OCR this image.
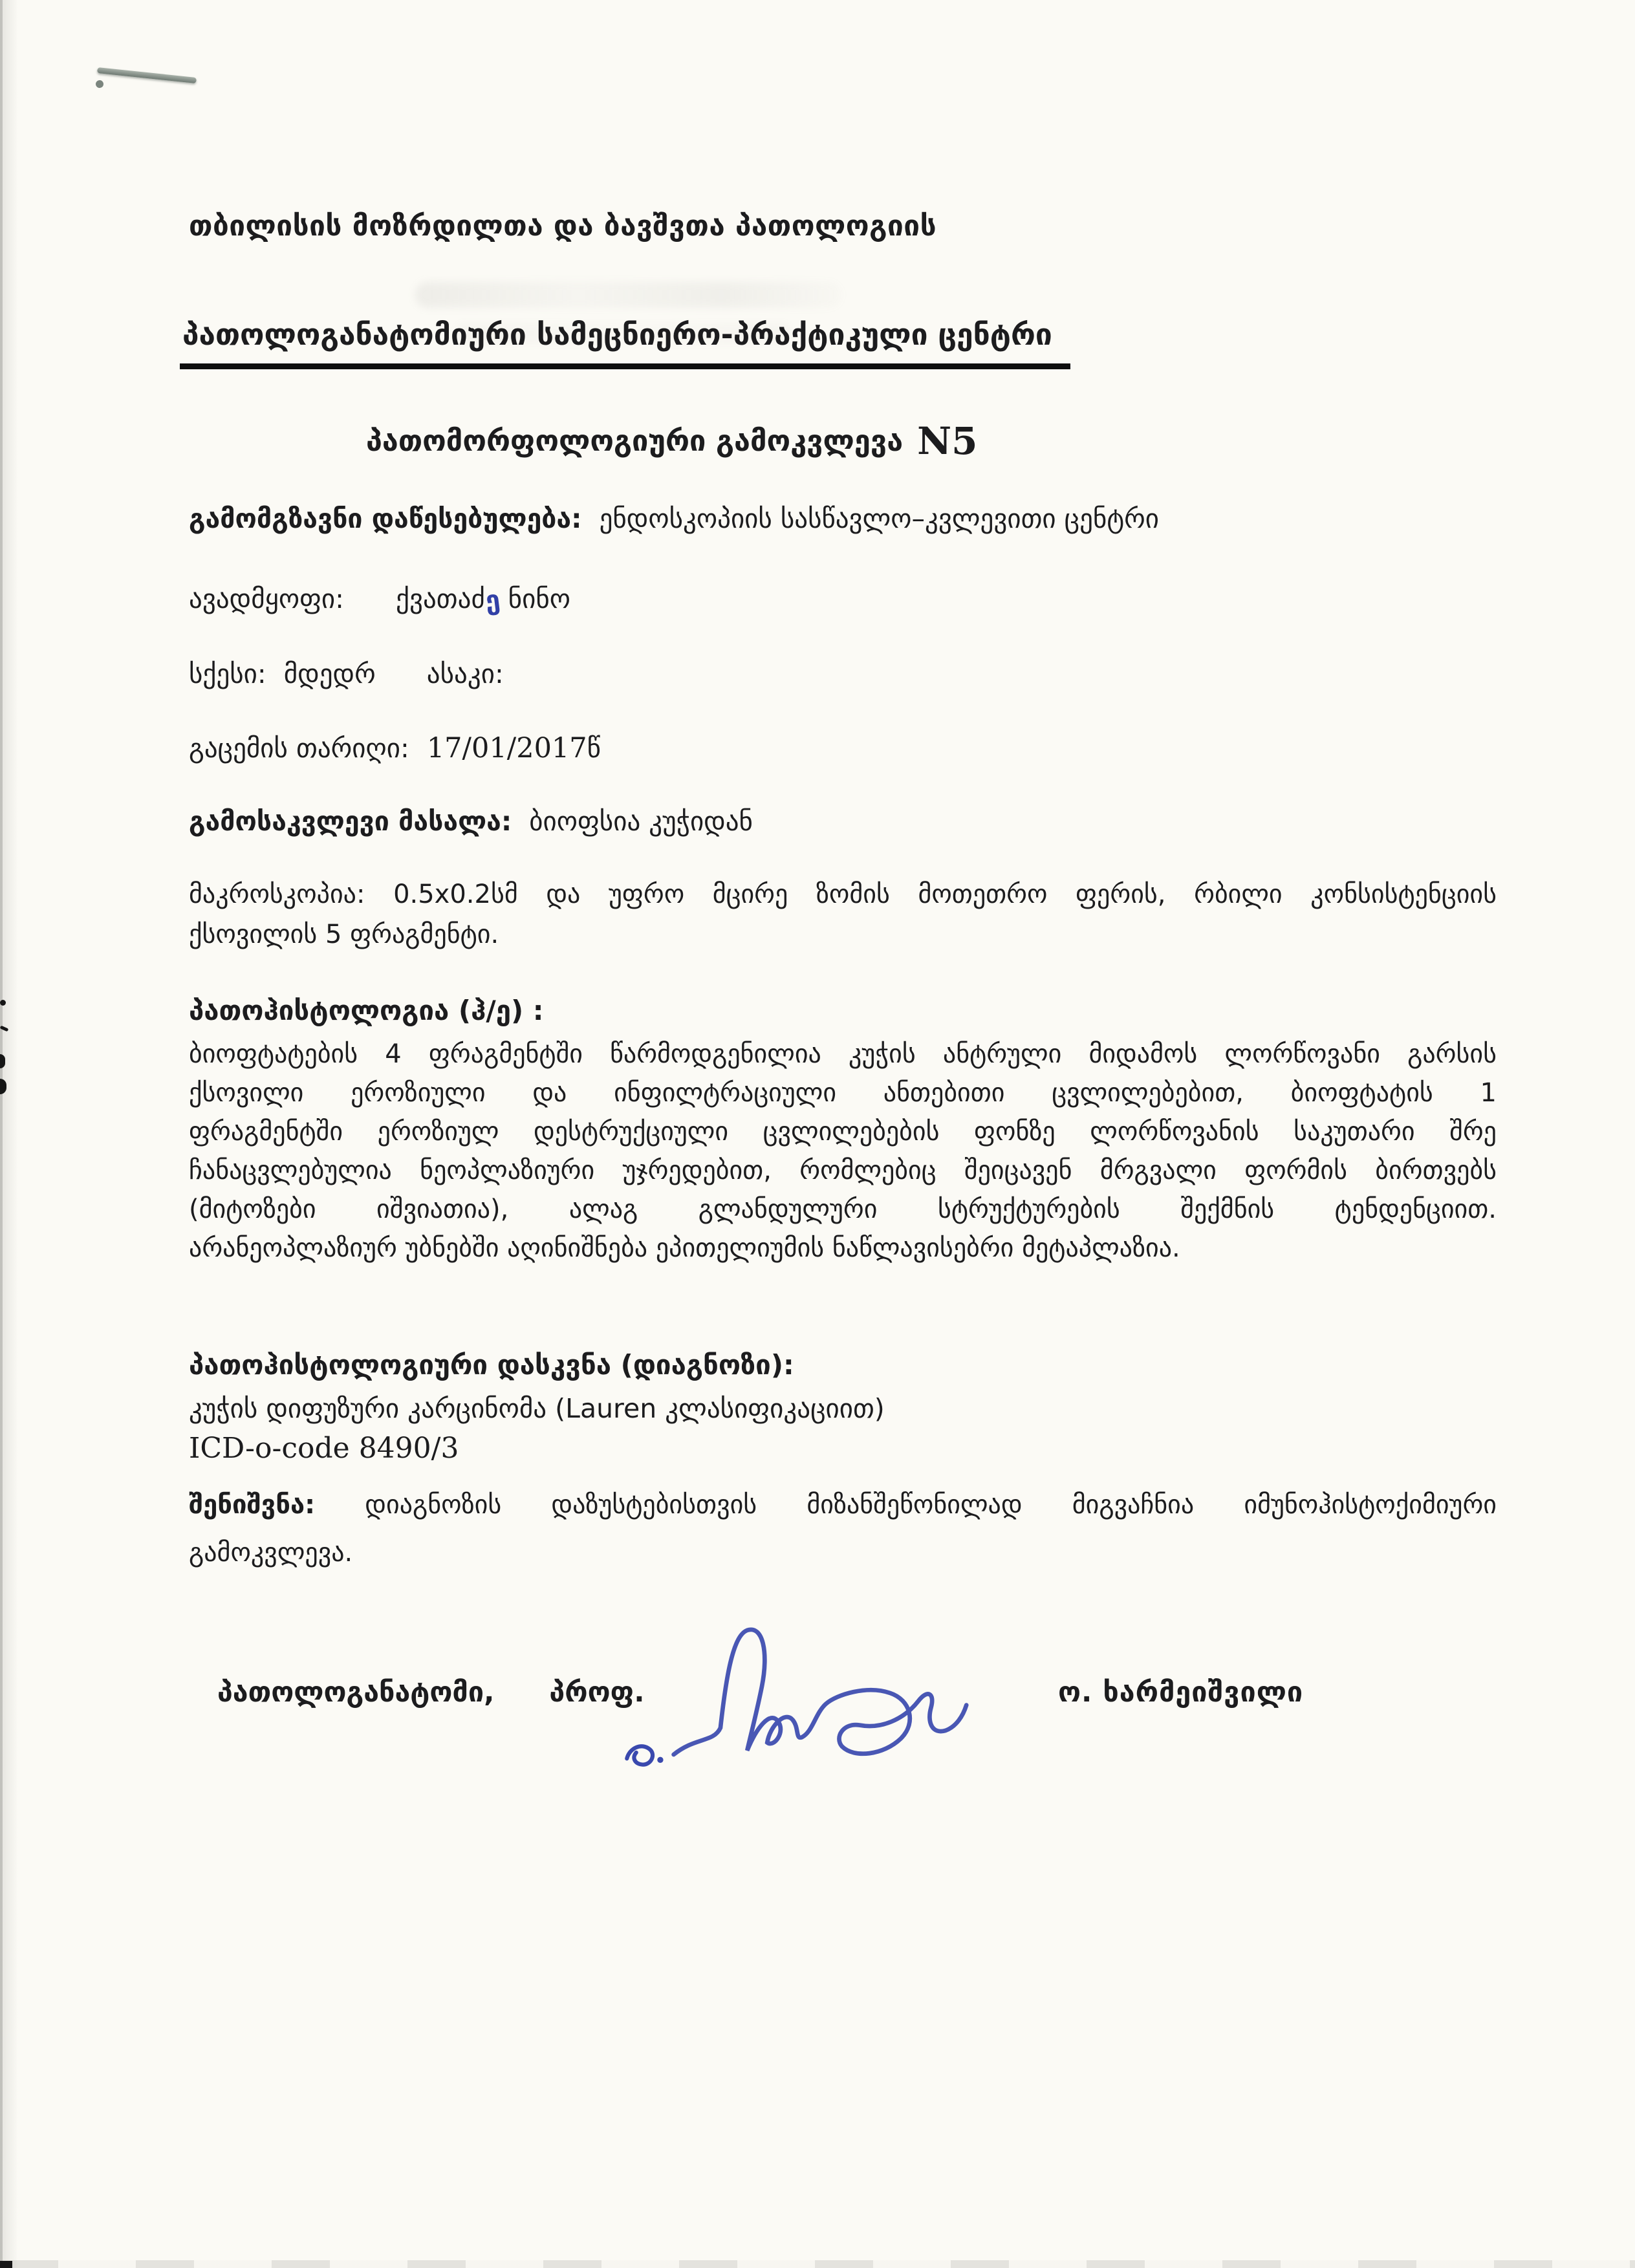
თბილისის მოზრდილთა და ბავშვთა პათოლოგიის
პათოლოგანატომიური სამეცნიერო-პრაქტიკული ცენტრი
პათომორფოლოგიური გამოკვლევა N5
გამომგზავნი დაწესებულება: ენდოსკოპიის სასწავლო–კვლევითი ცენტრი
ავადმყოფი: ქვათაძე ნინო
სქესი: მდედრ ასაკი:
გაცემის თარიღი: 17/01/2017წ
გამოსაკვლევი მასალა: ბიოფსია კუჭიდან
მაკროსკოპია: 0.5x0.2სმ და უფრო მცირე ზომის მოთეთრო ფერის, რბილი კონსისტენციის
ქსოვილის 5 ფრაგმენტი.
პათოჰისტოლოგია (ჰ/ე) :
ბიოფტატების 4 ფრაგმენტში წარმოდგენილია კუჭის ანტრული მიდამოს ლორწოვანი გარსის
ქსოვილი ეროზიული და ინფილტრაციული ანთებითი ცვლილებებით, ბიოფტატის 1
ფრაგმენტში ეროზიულ დესტრუქციული ცვლილებების ფონზე ლორწოვანის საკუთარი შრე
ჩანაცვლებულია ნეოპლაზიური უჯრედებით, რომლებიც შეიცავენ მრგვალი ფორმის ბირთვებს
(მიტოზები იშვიათია), ალაგ გლანდულური სტრუქტურების შექმნის ტენდენციით.
არანეოპლაზიურ უბნებში აღინიშნება ეპითელიუმის ნაწლავისებრი მეტაპლაზია.
პათოჰისტოლოგიური დასკვნა (დიაგნოზი):
კუჭის დიფუზური კარცინომა (Lauren კლასიფიკაციით)
ICD-o-code 8490/3
შენიშვნა: დიაგნოზის დაზუსტებისთვის მიზანშეწონილად მიგვაჩნია იმუნოჰისტოქიმიური
გამოკვლევა.
პათოლოგანატომი, პროფ.	ო. ხარმეიშვილი
